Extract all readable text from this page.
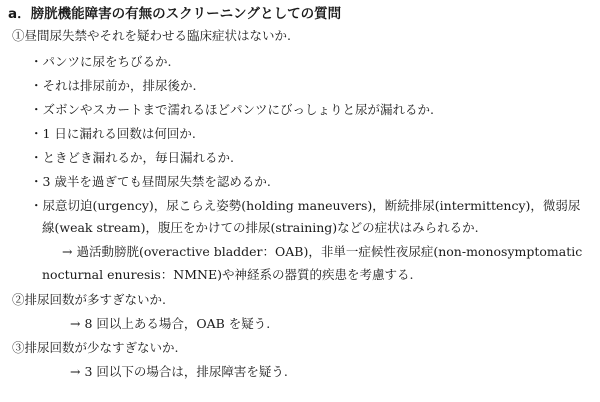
a．膀胱機能障害の有無のスクリーニングとしての質問
①昼間尿失禁やそれを疑わせる臨床症状はないか.
・パンツに尿をちびるか.
・それは排尿前か，排尿後か.
・ズボンやスカートまで濡れるほどパンツにびっしょりと尿が漏れるか.
・1 日に漏れる回数は何回か.
・ときどき漏れるか，毎日漏れるか.
・3 歳半を過ぎても昼間尿失禁を認めるか.
・尿意切迫(urgency)，尿こらえ姿勢(holding maneuvers)，断続排尿(intermittency)，微弱尿
線(weak stream)，腹圧をかけての排尿(straining)などの症状はみられるか.
→ 過活動膀胱(overactive bladder：OAB)，非単一症候性夜尿症(non-monosymptomatic
nocturnal enuresis：NMNE)や神経系の器質的疾患を考慮する.
②排尿回数が多すぎないか.
→ 8 回以上ある場合，OAB を疑う.
③排尿回数が少なすぎないか.
→ 3 回以下の場合は，排尿障害を疑う.
